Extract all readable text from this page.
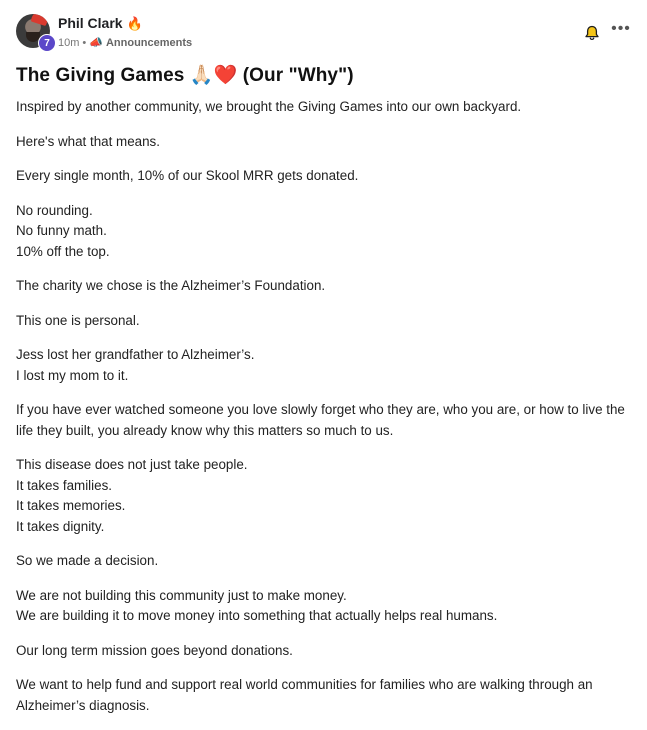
7
Phil Clark 🔥
10m • 📣 Announcements
•••
The Giving Games 🙏🏻❤️ (Our "Why")

Inspired by another community, we brought the Giving Games into our own backyard.

Here's what that means.

Every single month, 10% of our Skool MRR gets donated.

No rounding.
No funny math.
10% off the top.

The charity we chose is the Alzheimer’s Foundation.

This one is personal.

Jess lost her grandfather to Alzheimer’s.
I lost my mom to it.

If you have ever watched someone you love slowly forget who they are, who you are, or how to live the life they built, you already know why this matters so much to us.

This disease does not just take people.
It takes families.
It takes memories.
It takes dignity.

So we made a decision.

We are not building this community just to make money.
We are building it to move money into something that actually helps real humans.

Our long term mission goes beyond donations.

We want to help fund and support real world communities for families who are walking through an Alzheimer’s diagnosis.
